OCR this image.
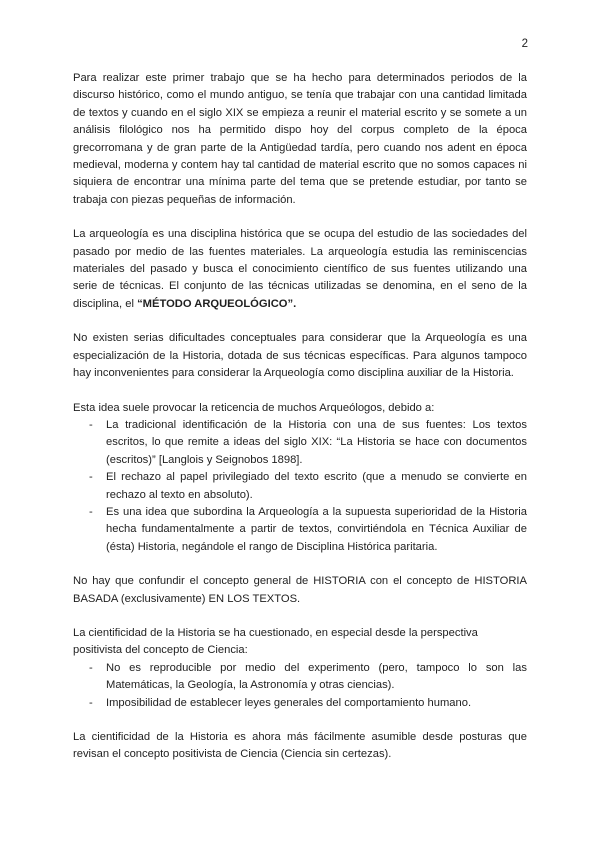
2

Para realizar este primer trabajo que se ha hecho para determinados periodos de la discurso histórico, como el mundo antiguo, se tenía que trabajar con una cantidad limitada de textos y cuando en el siglo XIX se empieza a reunir el material escrito y se somete a un análisis filológico nos ha permitido dispo hoy del corpus completo de la época grecorromana y de gran parte de la Antigüedad tardía, pero cuando nos adent en época medieval, moderna y contem hay tal cantidad de material escrito que no somos capaces ni siquiera de encontrar una mínima parte del tema que se pretende estudiar, por tanto se trabaja con piezas pequeñas de información.

La arqueología es una disciplina histórica que se ocupa del estudio de las sociedades del pasado por medio de las fuentes materiales. La arqueología estudia las reminiscencias materiales del pasado y busca el conocimiento científico de sus fuentes utilizando una serie de técnicas. El conjunto de las técnicas utilizadas se denomina, en el seno de la disciplina, el “MÉTODO ARQUEOLÓGICO”.

No existen serias dificultades conceptuales para considerar que la Arqueología es una especialización de la Historia, dotada de sus técnicas específicas. Para algunos tampoco hay inconvenientes para considerar la Arqueología como disciplina auxiliar de la Historia.

Esta idea suele provocar la reticencia de muchos Arqueólogos, debido a:

- La tradicional identificación de la Historia con una de sus fuentes: Los textos escritos, lo que remite a ideas del siglo XIX: “La Historia se hace con documentos (escritos)” [Langlois y Seignobos 1898].
- El rechazo al papel privilegiado del texto escrito (que a menudo se convierte en rechazo al texto en absoluto).
- Es una idea que subordina la Arqueología a la supuesta superioridad de la Historia hecha fundamentalmente a partir de textos, convirtiéndola en Técnica Auxiliar de (ésta) Historia, negándole el rango de Disciplina Histórica paritaria.

No hay que confundir el concepto general de HISTORIA con el concepto de HISTORIA BASADA (exclusivamente) EN LOS TEXTOS.

La cientificidad de la Historia se ha cuestionado, en especial desde la perspectiva positivista del concepto de Ciencia:

- No es reproducible por medio del experimento (pero, tampoco lo son las Matemáticas, la Geología, la Astronomía y otras ciencias).
- Imposibilidad de establecer leyes generales del comportamiento humano.

La cientificidad de la Historia es ahora más fácilmente asumible desde posturas que revisan el concepto positivista de Ciencia (Ciencia sin certezas).
